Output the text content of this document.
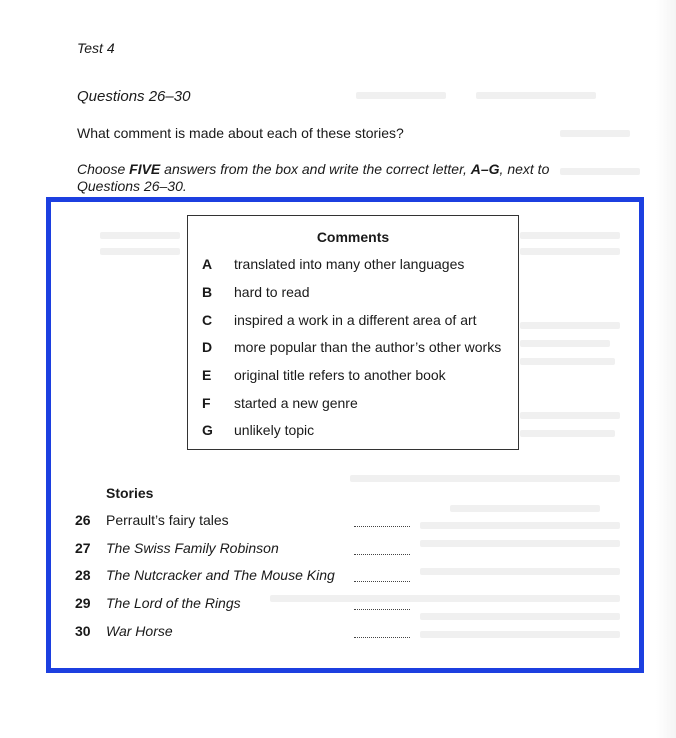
Test 4
Questions 26–30
What comment is made about each of these stories?
Choose FIVE answers from the box and write the correct letter, A–G, next to Questions 26–30.
Comments
A	translated into many other languages
B	hard to read
C	inspired a work in a different area of art
D	more popular than the author’s other works
E	original title refers to another book
F	started a new genre
G	unlikely topic
Stories
26	Perrault’s fairy tales
27	The Swiss Family Robinson
28	The Nutcracker and The Mouse King
29	The Lord of the Rings
30	War Horse
